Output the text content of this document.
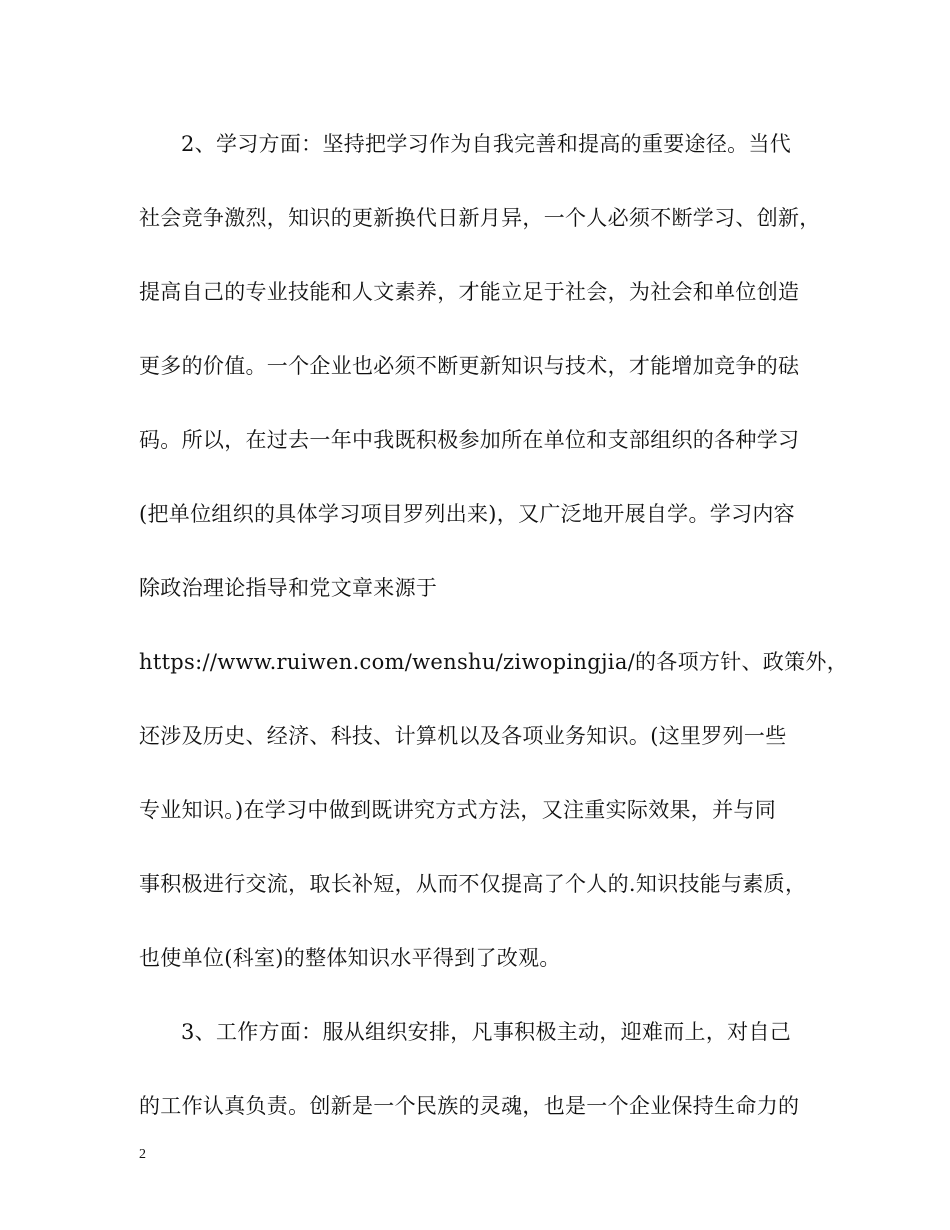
2、学习方面：坚持把学习作为自我完善和提高的重要途径。当代
社会竞争激烈，知识的更新换代日新月异，一个人必须不断学习、创新，
提高自己的专业技能和人文素养，才能立足于社会，为社会和单位创造
更多的价值。一个企业也必须不断更新知识与技术，才能增加竞争的砝
码。所以，在过去一年中我既积极参加所在单位和支部组织的各种学习
(把单位组织的具体学习项目罗列出来)，又广泛地开展自学。学习内容
除政治理论指导和党文章来源于
https://www.ruiwen.com/wenshu/ziwopingjia/的各项方针、政策外，
还涉及历史、经济、科技、计算机以及各项业务知识。(这里罗列一些
专业知识。)在学习中做到既讲究方式方法，又注重实际效果，并与同
事积极进行交流，取长补短，从而不仅提高了个人的.知识技能与素质，
也使单位(科室)的整体知识水平得到了改观。
3、工作方面：服从组织安排，凡事积极主动，迎难而上，对自己
的工作认真负责。创新是一个民族的灵魂，也是一个企业保持生命力的
2
